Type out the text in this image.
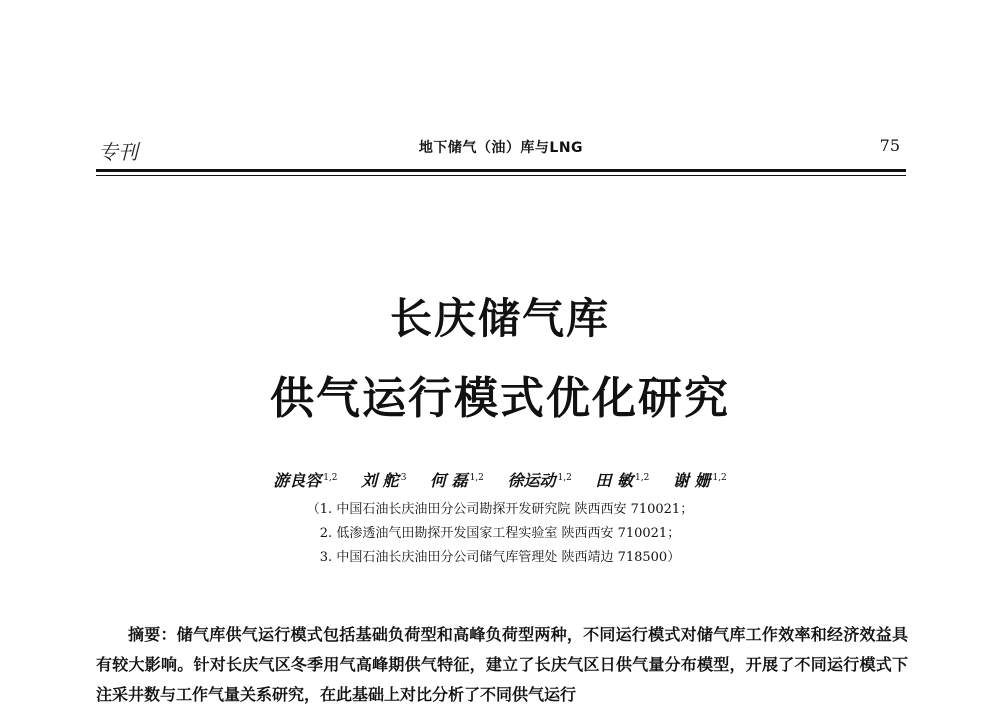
专刊	地下储气（油）库与LNG	75
长庆储气库
供气运行模式优化研究
游良容 $^{1,2}$ 刘 舵 $^3$ 何 磊 $^{1,2}$ 徐运动 $^{1,2}$ 田 敏 $^{1,2}$ 谢 姗 $^{1,2}$
（1. 中国石油长庆油田分公司勘探开发研究院 陕西西安 710021；
2. 低渗透油气田勘探开发国家工程实验室 陕西西安 710021；
3. 中国石油长庆油田分公司储气库管理处 陕西靖边 718500）
摘要：储气库供气运行模式包括基础负荷型和高峰负荷型两种，不同运行模式对储气库工作效率和经济效益具有较大影响。针对长庆气区冬季用气高峰期供气特征，建立了长庆气区日供气量分布模型，开展了不同运行模式下注采井数与工作气量关系研究，在此基础上对比分析了不同供气运行
